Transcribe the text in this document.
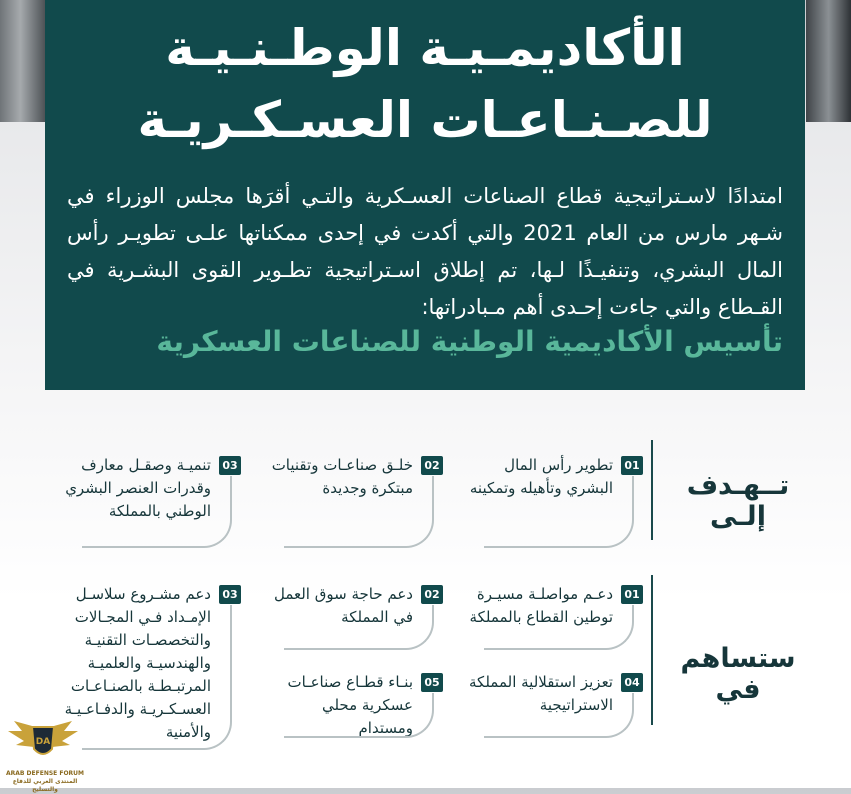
الأكاديمـيـة الوطـنـيـة
للصـنـاعـات العسـكـريـة

امتدادًا لاسـتراتيجية قطاع الصناعات العسـكرية والتـي أقرَها مجلس الوزراء في شـهر مارس من العام 2021 والتي أكدت في إحدى ممكناتها علـى تطويـر رأس المال البشري، وتنفيـذًا لـها، تم إطلاق اسـتراتيجية تطـوير القوى البشـرية في القـطاع والتي جاءت إحـدى أهم مـبادراتها:

تأسيس الأكاديمية الوطنية للصناعات العسكرية
تــهـدف إلـى
01
تطوير رأس المال البشري وتأهيله وتمكينه
02
خلـق صناعـات وتقنيات مبتكرة وجديدة
03
تنميـة وصقـل معارف وقدرات العنصر البشري الوطني بالمملكة
ستساهم في
01
دعـم مواصلـة مسيـرة توطين القطاع بالمملكة
02
دعم حاجة سوق العمل في المملكة
03
دعم مشـروع سلاسـل الإمـداد فـي المجـالات والتخصصـات التقنيـة والهندسيـة والعلميـة المرتبـطـة بالصنـاعـات العسـكـريـة والدفـاعـيـة والأمنية
04
تعزيز استقلالية المملكة الاستراتيجية
05
بنـاء قطـاع صناعـات عسكرية محلي ومستدام
DA
ARAB DEFENSE FORUM
المنتدى العربي للدفاع والتسليح
